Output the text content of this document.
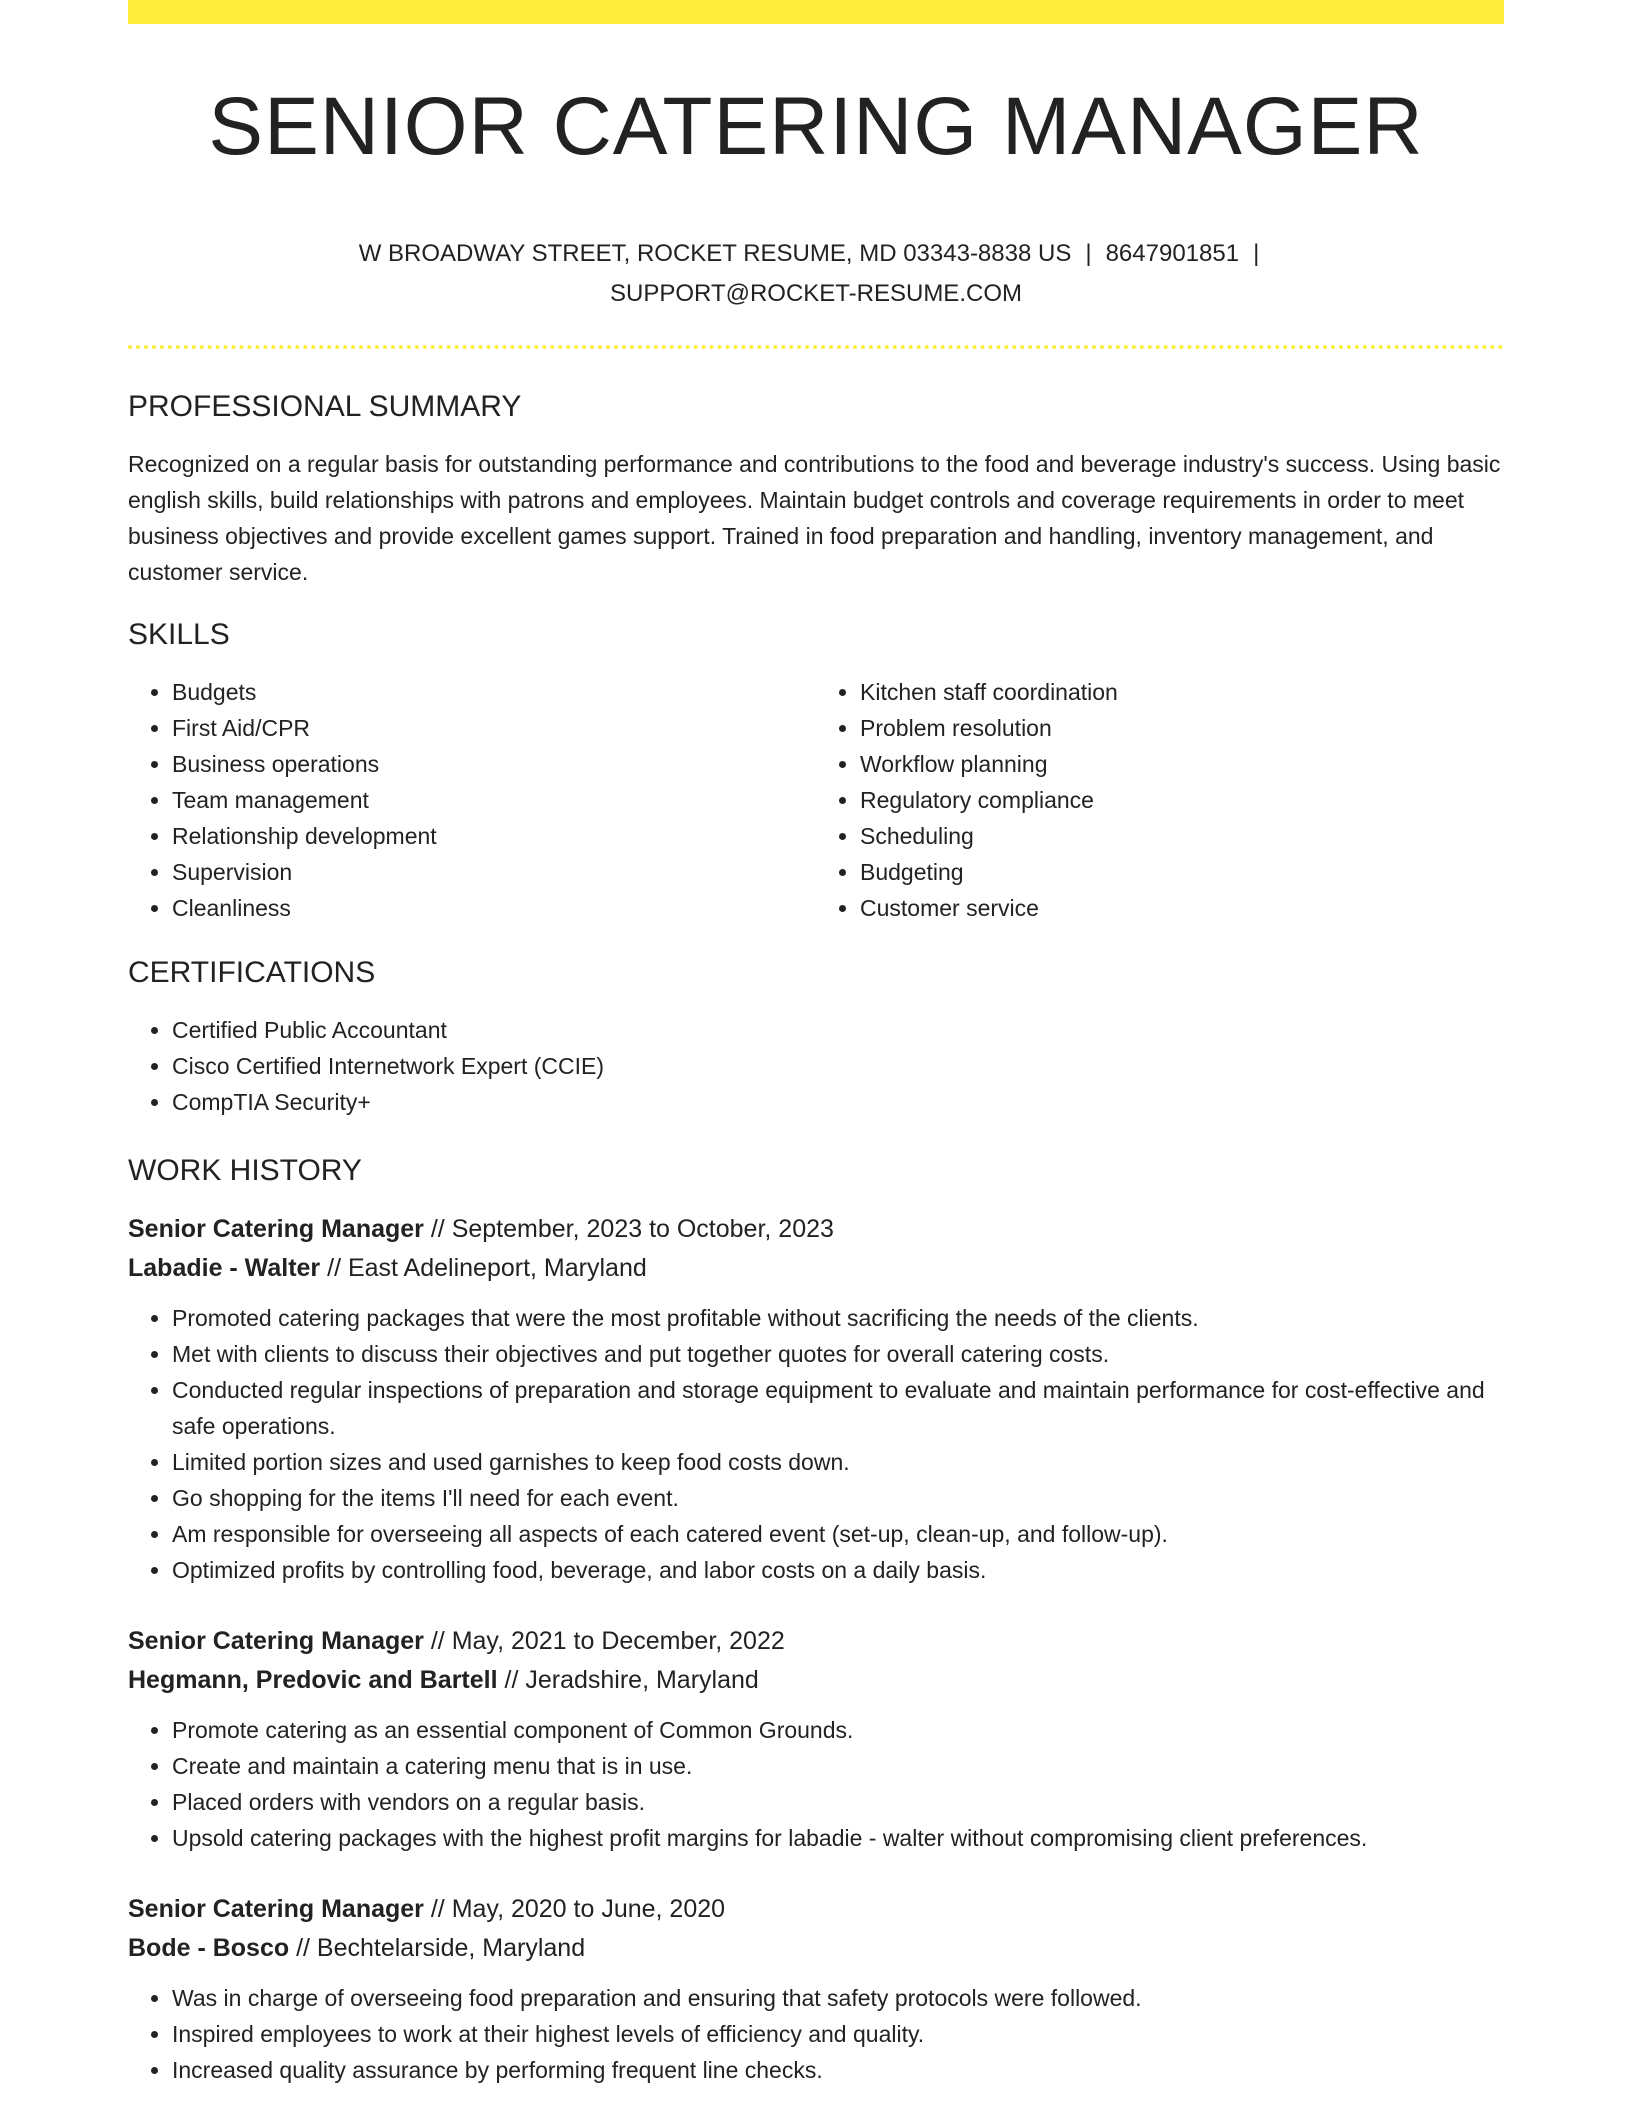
SENIOR CATERING MANAGER
W BROADWAY STREET, ROCKET RESUME, MD 03343-8838 US | 8647901851 |
SUPPORT@ROCKET-RESUME.COM
PROFESSIONAL SUMMARY

Recognized on a regular basis for outstanding performance and contributions to the food and beverage industry's success. Using basic english skills, build relationships with patrons and employees. Maintain budget controls and coverage requirements in order to meet business objectives and provide excellent games support. Trained in food preparation and handling, inventory management, and customer service.

SKILLS
• Budgets
• First Aid/CPR
• Business operations
• Team management
• Relationship development
• Supervision
• Cleanliness
• Kitchen staff coordination
• Problem resolution
• Workflow planning
• Regulatory compliance
• Scheduling
• Budgeting
• Customer service
CERTIFICATIONS
• Certified Public Accountant
• Cisco Certified Internetwork Expert (CCIE)
• CompTIA Security+
WORK HISTORY
Senior Catering Manager // September, 2023 to October, 2023
Labadie - Walter // East Adelineport, Maryland
• Promoted catering packages that were the most profitable without sacrificing the needs of the clients.
• Met with clients to discuss their objectives and put together quotes for overall catering costs.
• Conducted regular inspections of preparation and storage equipment to evaluate and maintain performance for cost-effective and safe operations.
• Limited portion sizes and used garnishes to keep food costs down.
• Go shopping for the items I'll need for each event.
• Am responsible for overseeing all aspects of each catered event (set-up, clean-up, and follow-up).
• Optimized profits by controlling food, beverage, and labor costs on a daily basis.
Senior Catering Manager // May, 2021 to December, 2022
Hegmann, Predovic and Bartell // Jeradshire, Maryland
• Promote catering as an essential component of Common Grounds.
• Create and maintain a catering menu that is in use.
• Placed orders with vendors on a regular basis.
• Upsold catering packages with the highest profit margins for labadie - walter without compromising client preferences.
Senior Catering Manager // May, 2020 to June, 2020
Bode - Bosco // Bechtelarside, Maryland
• Was in charge of overseeing food preparation and ensuring that safety protocols were followed.
• Inspired employees to work at their highest levels of efficiency and quality.
• Increased quality assurance by performing frequent line checks.
